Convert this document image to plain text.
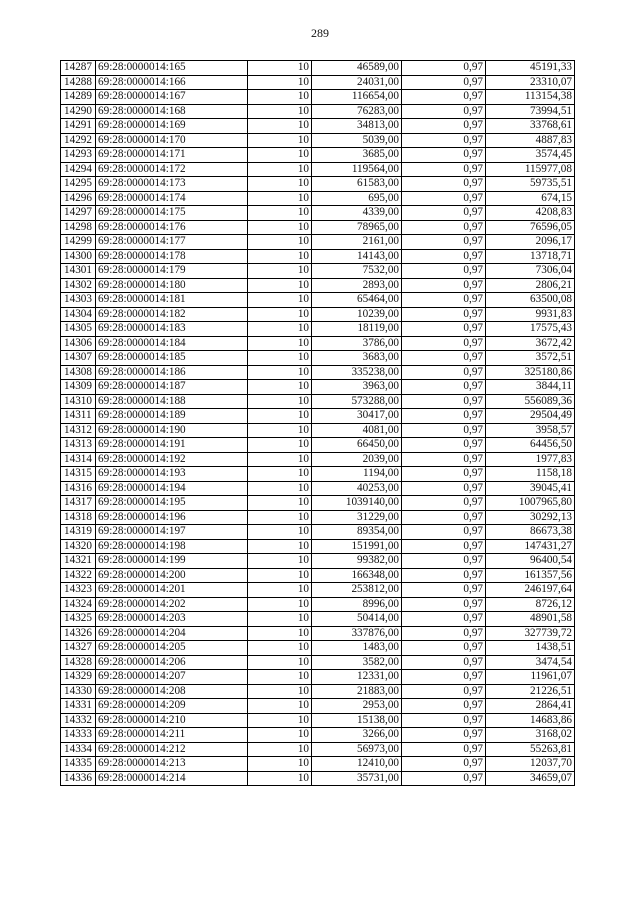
289
14287	69:28:0000014:165	10	46589,00	0,97	45191,33
14288	69:28:0000014:166	10	24031,00	0,97	23310,07
14289	69:28:0000014:167	10	116654,00	0,97	113154,38
14290	69:28:0000014:168	10	76283,00	0,97	73994,51
14291	69:28:0000014:169	10	34813,00	0,97	33768,61
14292	69:28:0000014:170	10	5039,00	0,97	4887,83
14293	69:28:0000014:171	10	3685,00	0,97	3574,45
14294	69:28:0000014:172	10	119564,00	0,97	115977,08
14295	69:28:0000014:173	10	61583,00	0,97	59735,51
14296	69:28:0000014:174	10	695,00	0,97	674,15
14297	69:28:0000014:175	10	4339,00	0,97	4208,83
14298	69:28:0000014:176	10	78965,00	0,97	76596,05
14299	69:28:0000014:177	10	2161,00	0,97	2096,17
14300	69:28:0000014:178	10	14143,00	0,97	13718,71
14301	69:28:0000014:179	10	7532,00	0,97	7306,04
14302	69:28:0000014:180	10	2893,00	0,97	2806,21
14303	69:28:0000014:181	10	65464,00	0,97	63500,08
14304	69:28:0000014:182	10	10239,00	0,97	9931,83
14305	69:28:0000014:183	10	18119,00	0,97	17575,43
14306	69:28:0000014:184	10	3786,00	0,97	3672,42
14307	69:28:0000014:185	10	3683,00	0,97	3572,51
14308	69:28:0000014:186	10	335238,00	0,97	325180,86
14309	69:28:0000014:187	10	3963,00	0,97	3844,11
14310	69:28:0000014:188	10	573288,00	0,97	556089,36
14311	69:28:0000014:189	10	30417,00	0,97	29504,49
14312	69:28:0000014:190	10	4081,00	0,97	3958,57
14313	69:28:0000014:191	10	66450,00	0,97	64456,50
14314	69:28:0000014:192	10	2039,00	0,97	1977,83
14315	69:28:0000014:193	10	1194,00	0,97	1158,18
14316	69:28:0000014:194	10	40253,00	0,97	39045,41
14317	69:28:0000014:195	10	1039140,00	0,97	1007965,80
14318	69:28:0000014:196	10	31229,00	0,97	30292,13
14319	69:28:0000014:197	10	89354,00	0,97	86673,38
14320	69:28:0000014:198	10	151991,00	0,97	147431,27
14321	69:28:0000014:199	10	99382,00	0,97	96400,54
14322	69:28:0000014:200	10	166348,00	0,97	161357,56
14323	69:28:0000014:201	10	253812,00	0,97	246197,64
14324	69:28:0000014:202	10	8996,00	0,97	8726,12
14325	69:28:0000014:203	10	50414,00	0,97	48901,58
14326	69:28:0000014:204	10	337876,00	0,97	327739,72
14327	69:28:0000014:205	10	1483,00	0,97	1438,51
14328	69:28:0000014:206	10	3582,00	0,97	3474,54
14329	69:28:0000014:207	10	12331,00	0,97	11961,07
14330	69:28:0000014:208	10	21883,00	0,97	21226,51
14331	69:28:0000014:209	10	2953,00	0,97	2864,41
14332	69:28:0000014:210	10	15138,00	0,97	14683,86
14333	69:28:0000014:211	10	3266,00	0,97	3168,02
14334	69:28:0000014:212	10	56973,00	0,97	55263,81
14335	69:28:0000014:213	10	12410,00	0,97	12037,70
14336	69:28:0000014:214	10	35731,00	0,97	34659,07
